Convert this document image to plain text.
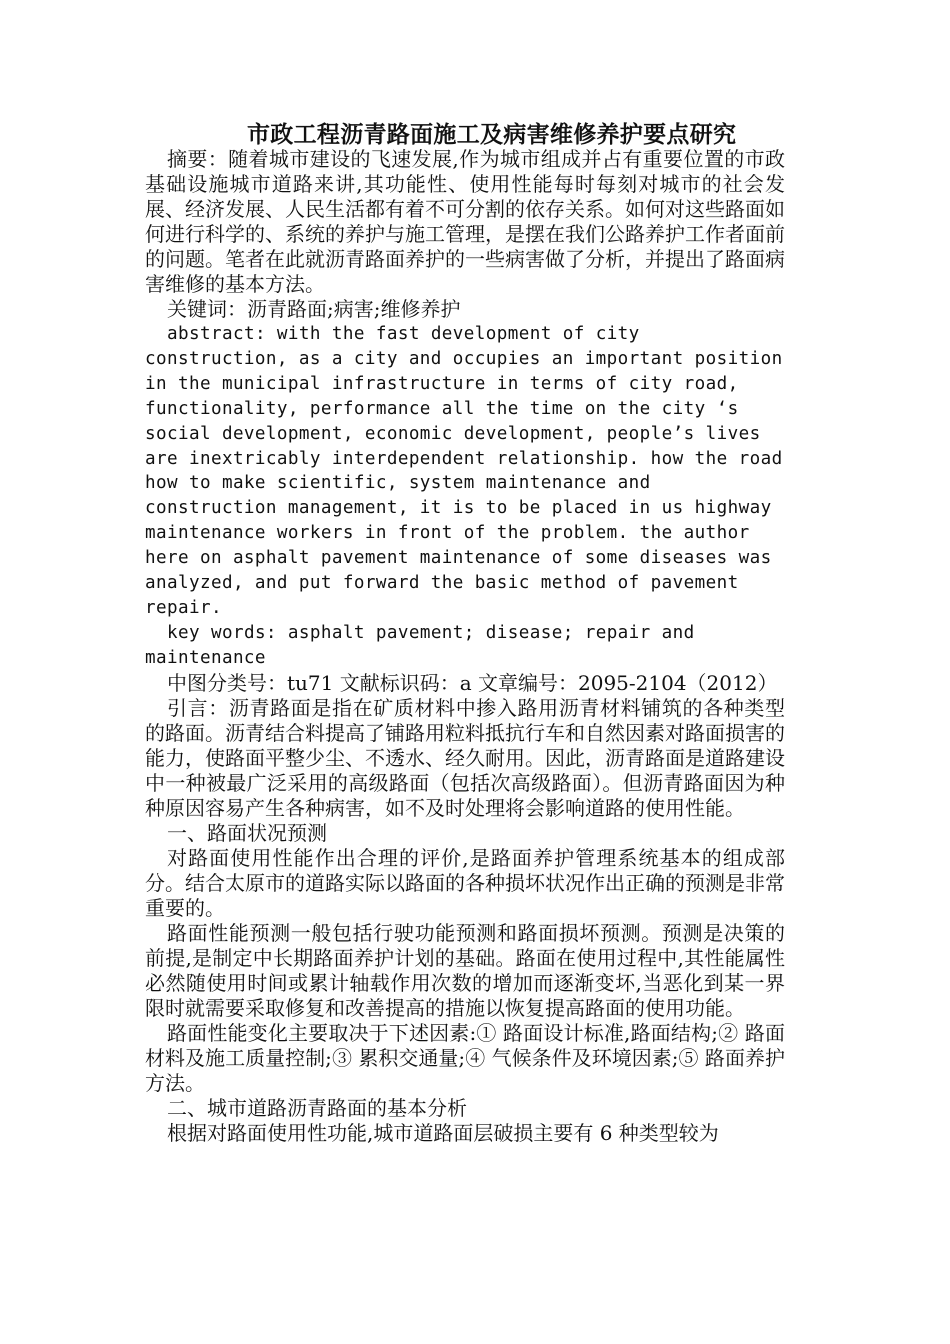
市政工程沥青路面施工及病害维修养护要点研究

摘要：随着城市建设的飞速发展,作为城市组成并占有重要位置的市政基础设施城市道路来讲,其功能性、使用性能每时每刻对城市的社会发展、经济发展、人民生活都有着不可分割的依存关系。如何对这些路面如何进行科学的、系统的养护与施工管理，是摆在我们公路养护工作者面前的问题。笔者在此就沥青路面养护的一些病害做了分析，并提出了路面病害维修的基本方法。

关键词：沥青路面;病害;维修养护

abstract: with the fast development of city construction, as a city and occupies an important position in the municipal infrastructure in terms of city road, functionality, performance all the time on the city ‘s social development, economic development, people’s lives are inextricably interdependent relationship. how the road how to make scientific, system maintenance and construction management, it is to be placed in us highway maintenance workers in front of the problem. the author here on asphalt pavement maintenance of some diseases was analyzed, and put forward the basic method of pavement repair.

key words: asphalt pavement; disease; repair and maintenance

中图分类号：tu71 文献标识码：a 文章编号：2095-2104（2012）

引言：沥青路面是指在矿质材料中掺入路用沥青材料铺筑的各种类型的路面。沥青结合料提高了铺路用粒料抵抗行车和自然因素对路面损害的能力，使路面平整少尘、不透水、经久耐用。因此，沥青路面是道路建设中一种被最广泛采用的高级路面（包括次高级路面）。但沥青路面因为种种原因容易产生各种病害，如不及时处理将会影响道路的使用性能。

一、路面状况预测

对路面使用性能作出合理的评价,是路面养护管理系统基本的组成部分。结合太原市的道路实际以路面的各种损坏状况作出正确的预测是非常重要的。

路面性能预测一般包括行驶功能预测和路面损坏预测。预测是决策的前提,是制定中长期路面养护计划的基础。路面在使用过程中,其性能属性必然随使用时间或累计轴载作用次数的增加而逐渐变坏,当恶化到某一界限时就需要采取修复和改善提高的措施以恢复提高路面的使用功能。

路面性能变化主要取决于下述因素:① 路面设计标准,路面结构;② 路面材料及施工质量控制;③ 累积交通量;④ 气候条件及环境因素;⑤ 路面养护方法。

二、城市道路沥青路面的基本分析

根据对路面使用性功能,城市道路面层破损主要有 6 种类型较为
